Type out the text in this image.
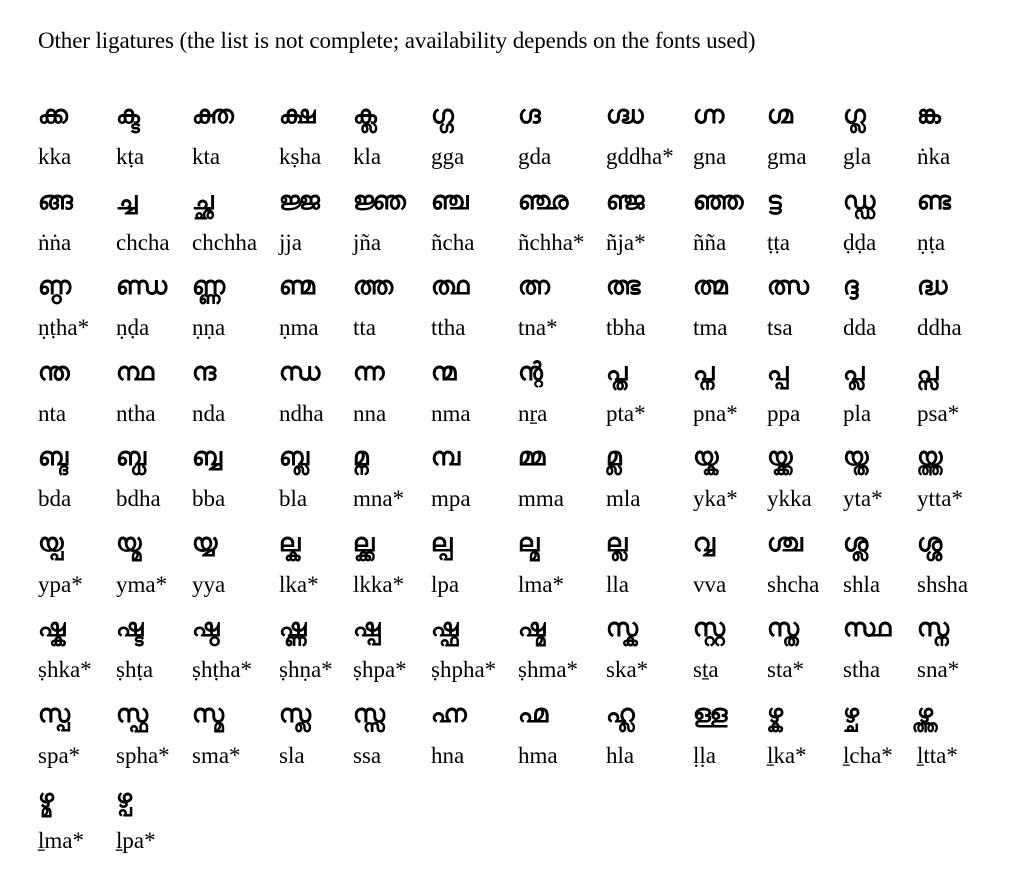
Other ligatures (the list is not complete; availability depends on the fonts used)
ക്ക
kka
ക്ട
kṭa
ക്ത
kta
ക്ഷ
kṣha
ക്ല
kla
ഗ്ഗ
gga
ഗ്ദ
gda
ഗ്ദ്ധ
gddha*
ഗ്ന
gna
ഗ്മ
gma
ഗ്ല
gla
ങ്ക
ṅka
ങ്ങ
ṅṅa
ച്ച
chcha
ച്ഛ
chchha
ജ്ജ
jja
ജ്ഞ
jña
ഞ്ച
ñcha
ഞ്ഛ
ñchha*
ഞ്ജ
ñja*
ഞ്ഞ
ñña
ട്ട
ṭṭa
ഡ്ഡ
ḍḍa
ണ്ട
ṇṭa
ണ്ഠ
ṇṭha*
ണ്ഡ
ṇḍa
ണ്ണ
ṇṇa
ണ്മ
ṇma
ത്ത
tta
ത്ഥ
ttha
ത്ന
tna*
ത്ഭ
tbha
ത്മ
tma
ത്സ
tsa
ദ്ദ
dda
ദ്ധ
ddha
ന്ത
nta
ന്ഥ
ntha
ന്ദ
nda
ന്ധ
ndha
ന്ന
nna
ന്മ
nma
ന്റ
nṟa
പ്ത
pta*
പ്ന
pna*
പ്പ
ppa
പ്ല
pla
പ്സ
psa*
ബ്ദ
bda
ബ്ധ
bdha
ബ്ബ
bba
ബ്ല
bla
മ്ന
mna*
മ്പ
mpa
മ്മ
mma
മ്ല
mla
യ്ക
yka*
യ്ക്ക
ykka
യ്ത
yta*
യ്ത്ത
ytta*
യ്പ
ypa*
യ്മ
yma*
യ്യ
yya
ല്ക
lka*
ല്ക്ക
lkka*
ല്പ
lpa
ല്മ
lma*
ല്ല
lla
വ്വ
vva
ശ്ച
shcha
ശ്ല
shla
ശ്ശ
shsha
ഷ്ക
ṣhka*
ഷ്ട
ṣhṭa
ഷ്ഠ
ṣhṭha*
ഷ്ണ
ṣhṇa*
ഷ്പ
ṣhpa*
ഷ്ഫ
ṣhpha*
ഷ്മ
ṣhma*
സ്ക
ska*
സ്റ്റ
sṯa
സ്ത
sta*
സ്ഥ
stha
സ്ന
sna*
സ്പ
spa*
സ്ഫ
spha*
സ്മ
sma*
സ്ല
sla
സ്സ
ssa
ഹ്ന
hna
ഹ്മ
hma
ഹ്ല
hla
ള്ള
ḷḷa
ഴ്ക
ḻka*
ഴ്ച
ḻcha*
ഴ്ത്ത
ḻtta*
ഴ്മ
ḻma*
ഴ്പ
ḻpa*
